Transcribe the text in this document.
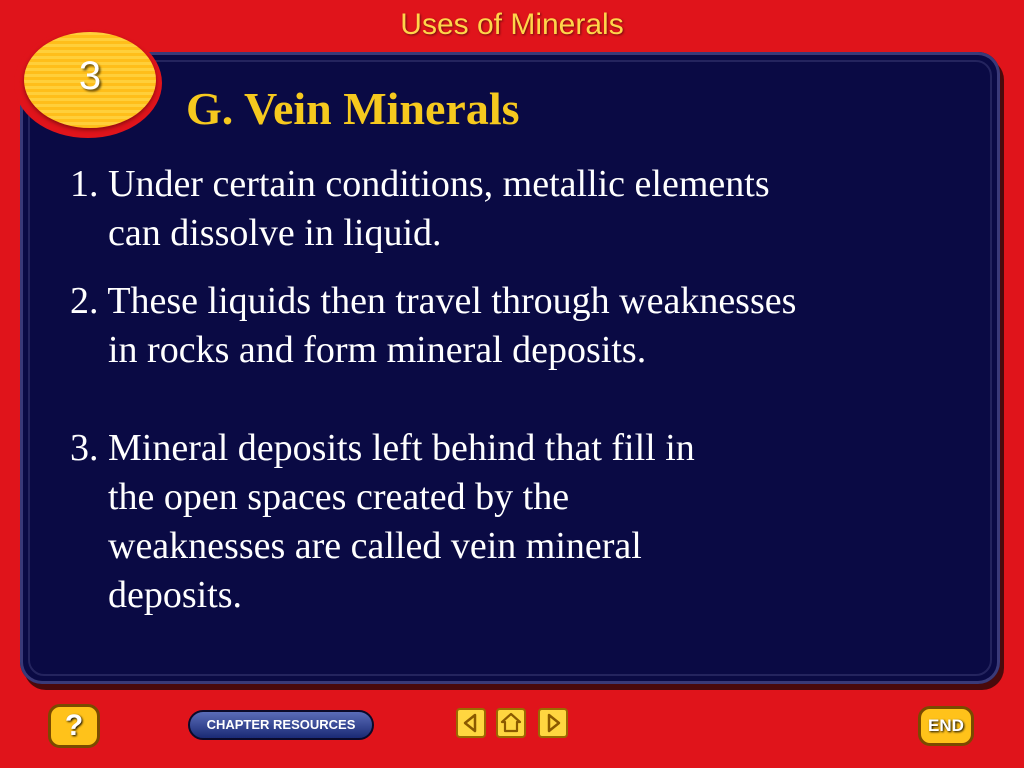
Uses of Minerals
3
G. Vein Minerals
1. Under certain conditions, metallic elements
can dissolve in liquid.
2. These liquids then travel through weaknesses
in rocks and form mineral deposits.
3. Mineral deposits left behind that fill in
the open spaces created by the
weaknesses are called vein mineral
deposits.
?	CHAPTER RESOURCES	END
